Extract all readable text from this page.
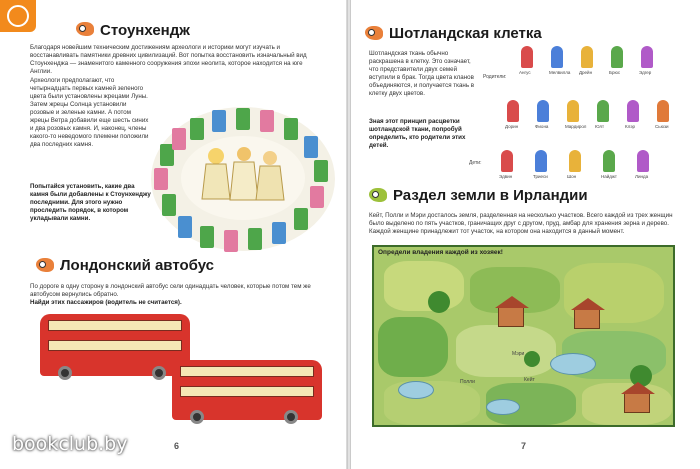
Стоунхендж
Благодаря новейшим техническим достижениям археологи и историки могут изучать и восстанавливать памятники древних цивилизаций. Вот попытка восстановить изначальный вид Стоунхенджа — знаменитого каменного сооружения эпохи неолита, которое находится на юге Англии.
Археологи предполагают, что четырнадцать первых камней зеленого цвета были установлены жрецами Луны. Затем жрецы Солнца установили розовые и зеленые камни. А потом жрецы Ветра добавили еще шесть синих и два розовых камня. И, наконец, члены какого-то неведомого племени положили два последних камня.
Попытайся установить, какие два камня были добавлены к Стоунхенджу последними. Для этого нужно проследить порядок, в котором укладывали камни.
Лондонский автобус
По дороге в одну сторону в лондонский автобус сели одинадцать человек, которые потом тем же автобусом вернулись обратно.
Найди этих пассажиров (водитель не считается).
6
bookclub.by
Шотландская клетка
Шотландская ткань обычно раскрашена в клетку. Это означает, что представители двух семей вступили в брак. Тогда цвета кланов объединяются, и получается ткань в клетку двух цветов.
Зная этот принцип расцветки шотландской ткани, попробуй определить, кто родители этих детей.
Родители:
Дети:
Раздел земли в Ирландии
Кейт, Полли и Мэри досталось земля, разделенная на несколько участков. Всего каждой из трех женщин было выделено по пять участков, граничащих друг с другом, пруд, амбар для хранения зерна и дерево. Каждой женщине принадлежит тот участок, на котором она находится в данный момент.
Определи владения каждой из хозяек!
Мэри
Полли	Кейт
7
Ангус	Мелвилла Дрейн	Брюс	Эдгер
Дорин	Фиона	Мардирол Юлт	Клэр	Сьюзи
Эдвин	Триеси	Шон	Найджт	Линда
